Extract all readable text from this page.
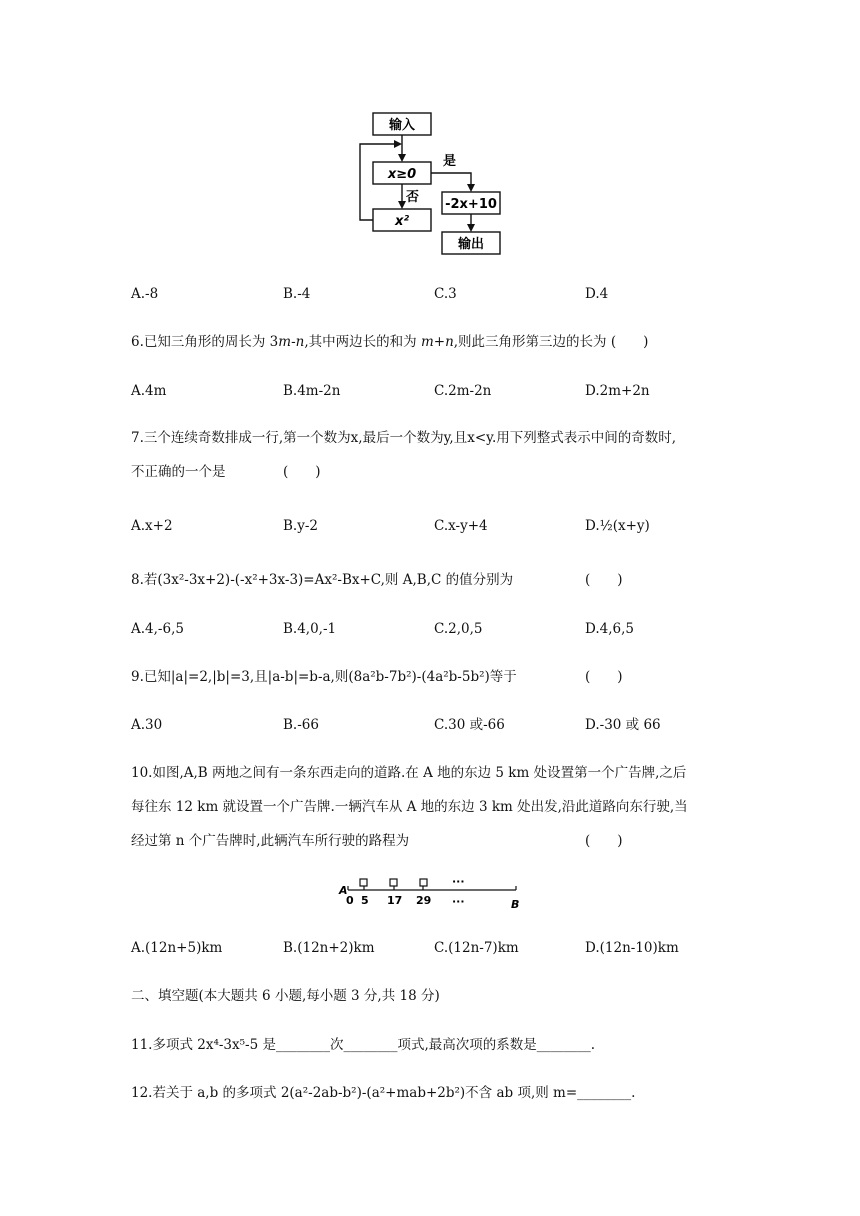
输入
x≥0
是
否
x²
-2x+10
输出
A.-8	B.-4	C.3	D.4
6.已知三角形的周长为 3m-n,其中两边长的和为 m+n,则此三角形第三边的长为 (　　)
A.4m	B.4m-2n	C.2m-2n	D.2m+2n
7.三个连续奇数排成一行,第一个数为x,最后一个数为y,且x<y.用下列整式表示中间的奇数时,
不正确的一个是	(　　)
A.x+2	B.y-2	C.x-y+4	D.½(x+y)
8.若(3x²-3x+2)-(-x²+3x-3)=Ax²-Bx+C,则 A,B,C 的值分别为	(　　)
A.4,-6,5	B.4,0,-1	C.2,0,5	D.4,6,5
9.已知|a|=2,|b|=3,且|a-b|=b-a,则(8a²b-7b²)-(4a²b-5b²)等于	(　　)
A.30	B.-66	C.30 或-66	D.-30 或 66
10.如图,A,B 两地之间有一条东西走向的道路.在 A 地的东边 5 km 处设置第一个广告牌,之后
每往东 12 km 就设置一个广告牌.一辆汽车从 A 地的东边 3 km 处出发,沿此道路向东行驶,当
经过第 n 个广告牌时,此辆汽车所行驶的路程为	(　　)
A
B
0 5 17 29
···
···
A.(12n+5)km	B.(12n+2)km	C.(12n-7)km	D.(12n-10)km
二、填空题(本大题共 6 小题,每小题 3 分,共 18 分)
11.多项式 2x⁴-3x⁵-5 是________次________项式,最高次项的系数是________.
12.若关于 a,b 的多项式 2(a²-2ab-b²)-(a²+mab+2b²)不含 ab 项,则 m=________.
